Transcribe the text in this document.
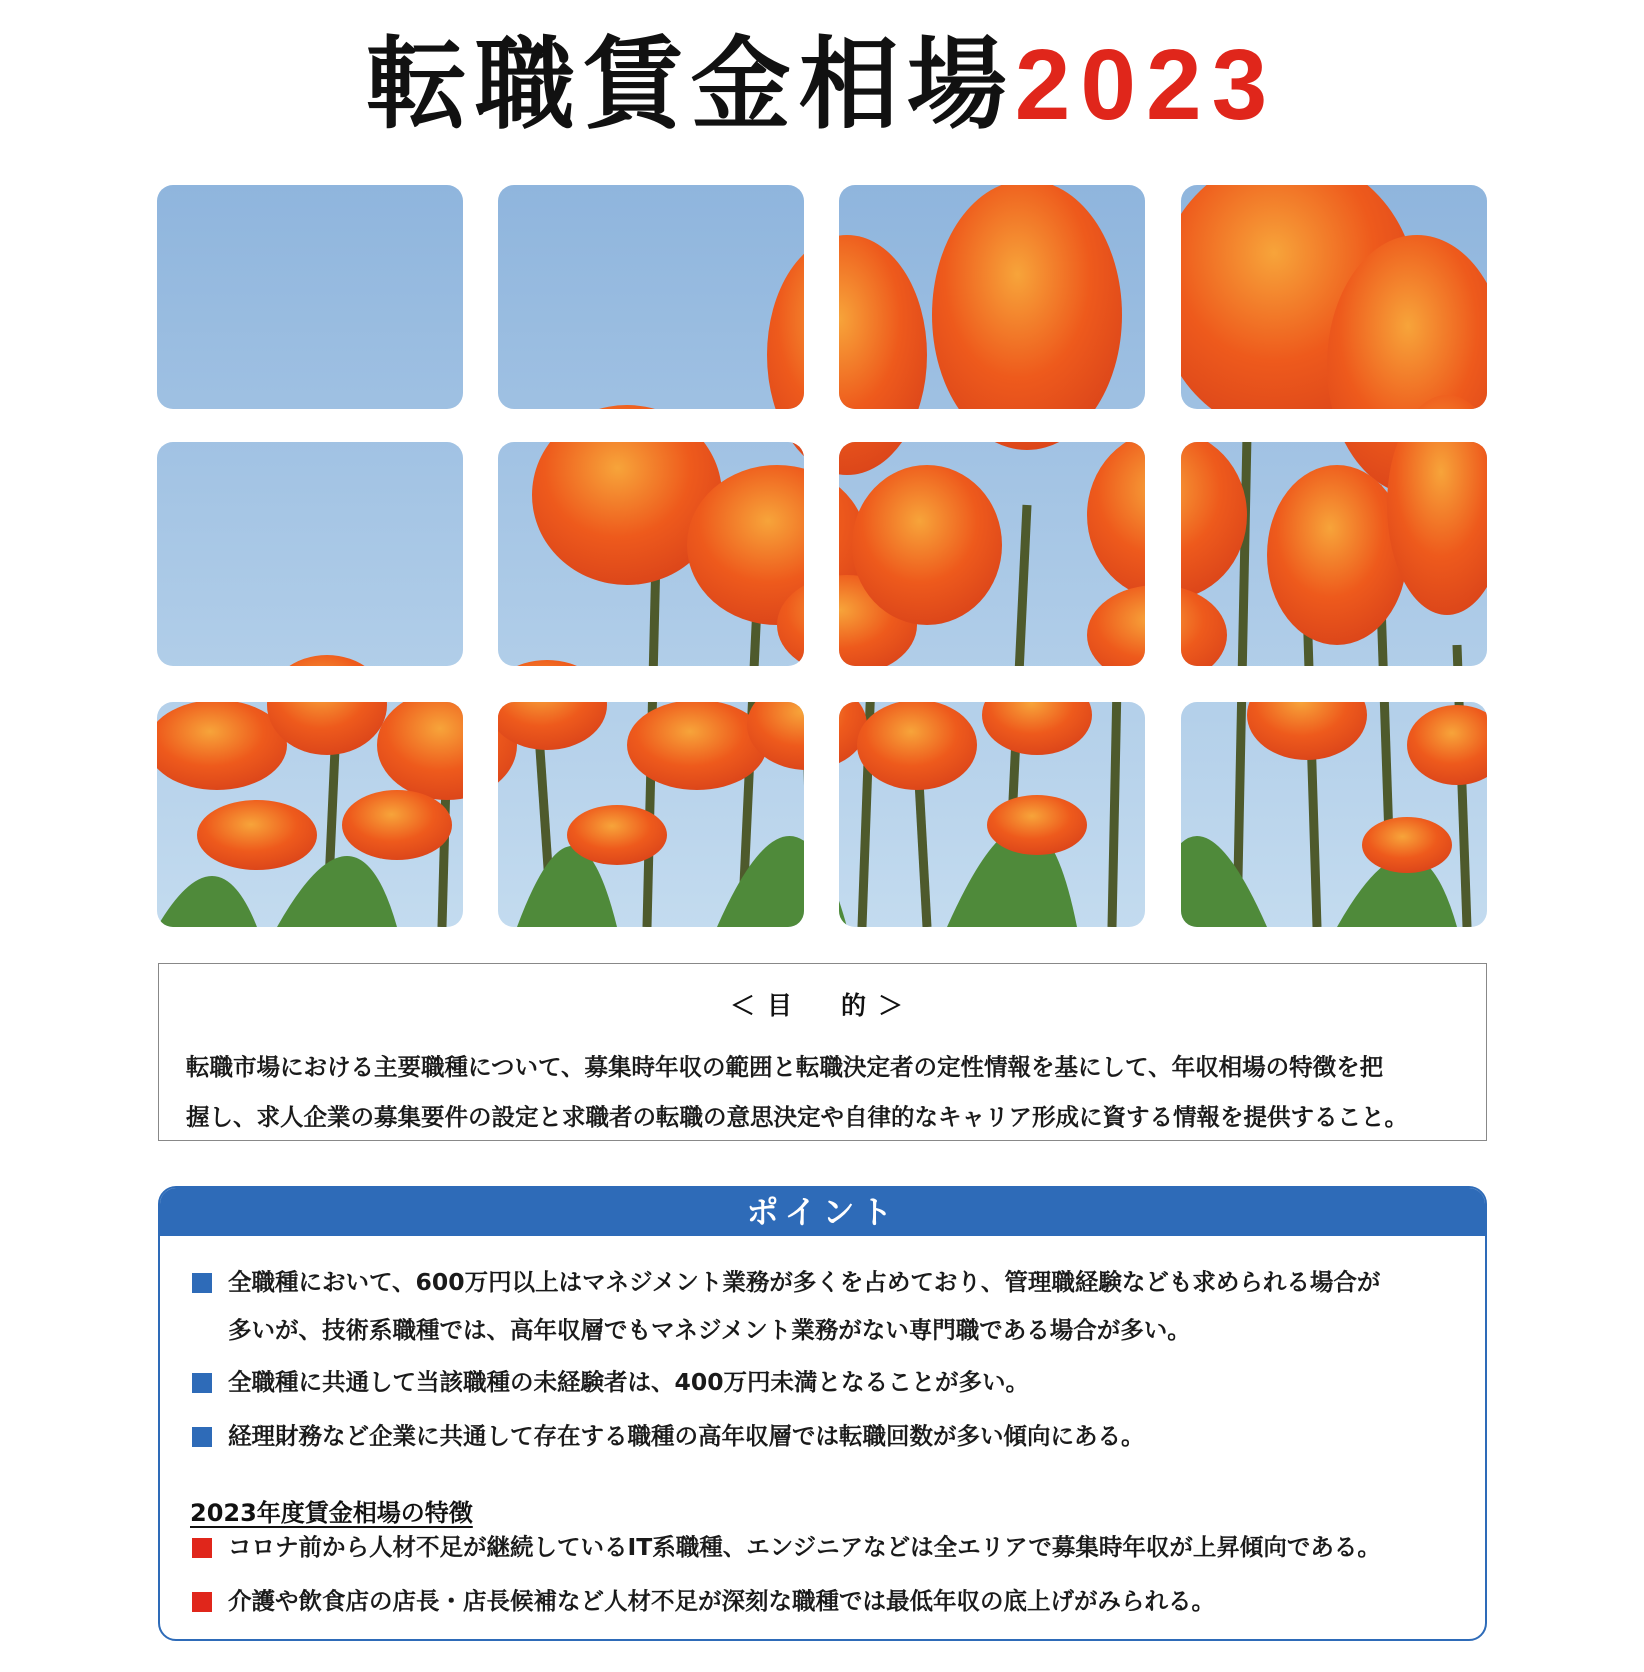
転職賃金相場2023
＜目　的＞
転職市場における主要職種について、募集時年収の範囲と転職決定者の定性情報を基にして、年収相場の特徴を把
握し、求人企業の募集要件の設定と求職者の転職の意思決定や自律的なキャリア形成に資する情報を提供すること。
ポイント
全職種において、600万円以上はマネジメント業務が多くを占めており、管理職経験なども求められる場合が
多いが、技術系職種では、高年収層でもマネジメント業務がない専門職である場合が多い。
全職種に共通して当該職種の未経験者は、400万円未満となることが多い。
経理財務など企業に共通して存在する職種の高年収層では転職回数が多い傾向にある。
2023年度賃金相場の特徴
コロナ前から人材不足が継続しているIT系職種、エンジニアなどは全エリアで募集時年収が上昇傾向である。
介護や飲食店の店長・店長候補など人材不足が深刻な職種では最低年収の底上げがみられる。
